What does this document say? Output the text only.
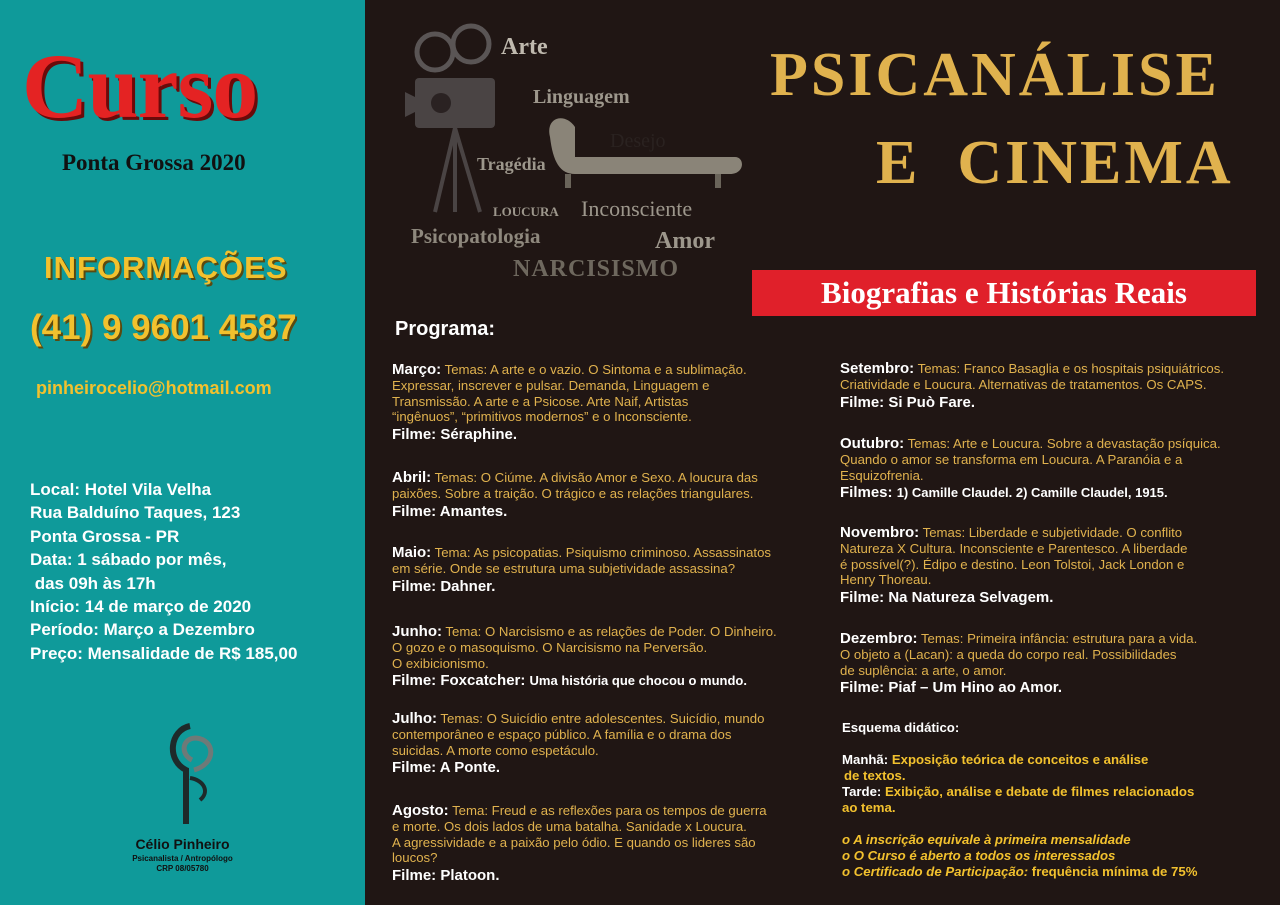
Curso
Ponta Grossa 2020
INFORMAÇÕES
(41) 9 9601 4587
pinheirocelio@hotmail.com
Local: Hotel Vila Velha
Rua Balduíno Taques, 123
Ponta Grossa - PR
Data: 1 sábado por mês,
das 09h às 17h
Início: 14 de março de 2020
Período: Março a Dezembro
Preço: Mensalidade de R$ 185,00
Célio Pinheiro
Psicanalista / Antropólogo
CRP 08/05780
Arte
Linguagem
Desejo
Tragédia
LOUCURA Inconsciente
Psicopatologia	Amor
NARCISISMO
PSICANÁLISE
E  CINEMA
Biografias e Histórias Reais
Programa:
Março: Temas: A arte e o vazio. O Sintoma e a sublimação.
Expressar, inscrever e pulsar. Demanda, Linguagem e
Transmissão. A arte e a Psicose. Arte Naif, Artistas
“ingênuos”, “primitivos modernos” e o Inconsciente.
Filme: Séraphine.
Abril: Temas: O Ciúme. A divisão Amor e Sexo. A loucura das
paixões. Sobre a traição. O trágico e as relações triangulares.
Filme: Amantes.
Maio: Tema: As psicopatias. Psiquismo criminoso. Assassinatos
em série. Onde se estrutura uma subjetividade assassina?
Filme: Dahner.
Junho: Tema: O Narcisismo e as relações de Poder. O Dinheiro.
O gozo e o masoquismo. O Narcisismo na Perversão.
O exibicionismo.
Filme: Foxcatcher: Uma história que chocou o mundo.
Julho: Temas: O Suicídio entre adolescentes. Suicídio, mundo
contemporâneo e espaço público. A família e o drama dos
suicidas. A morte como espetáculo.
Filme: A Ponte.
Agosto: Tema: Freud e as reflexões para os tempos de guerra
e morte. Os dois lados de uma batalha. Sanidade x Loucura.
A agressividade e a paixão pelo ódio. E quando os lideres são
loucos?
Filme: Platoon.
Setembro: Temas: Franco Basaglia e os hospitais psiquiátricos.
Criatividade e Loucura. Alternativas de tratamentos. Os CAPS.
Filme: Si Può Fare.
Outubro: Temas: Arte e Loucura. Sobre a devastação psíquica.
Quando o amor se transforma em Loucura. A Paranóia e a
Esquizofrenia.
Filmes: 1) Camille Claudel. 2) Camille Claudel, 1915.
Novembro: Temas: Liberdade e subjetividade. O conflito
Natureza X Cultura. Inconsciente e Parentesco. A liberdade
é possível(?). Édipo e destino. Leon Tolstoi, Jack London e
Henry Thoreau.
Filme: Na Natureza Selvagem.
Dezembro: Temas: Primeira infância: estrutura para a vida.
O objeto a (Lacan): a queda do corpo real. Possibilidades
de suplência: a arte, o amor.
Filme: Piaf – Um Hino ao Amor.
Esquema didático:
Manhã: Exposição teórica de conceitos e análise
de textos.
Tarde: Exibição, análise e debate de filmes relacionados
ao tema.
o A inscrição equivale à primeira mensalidade
o O Curso é aberto a todos os interessados
o Certificado de Participação: frequência mínima de 75%
